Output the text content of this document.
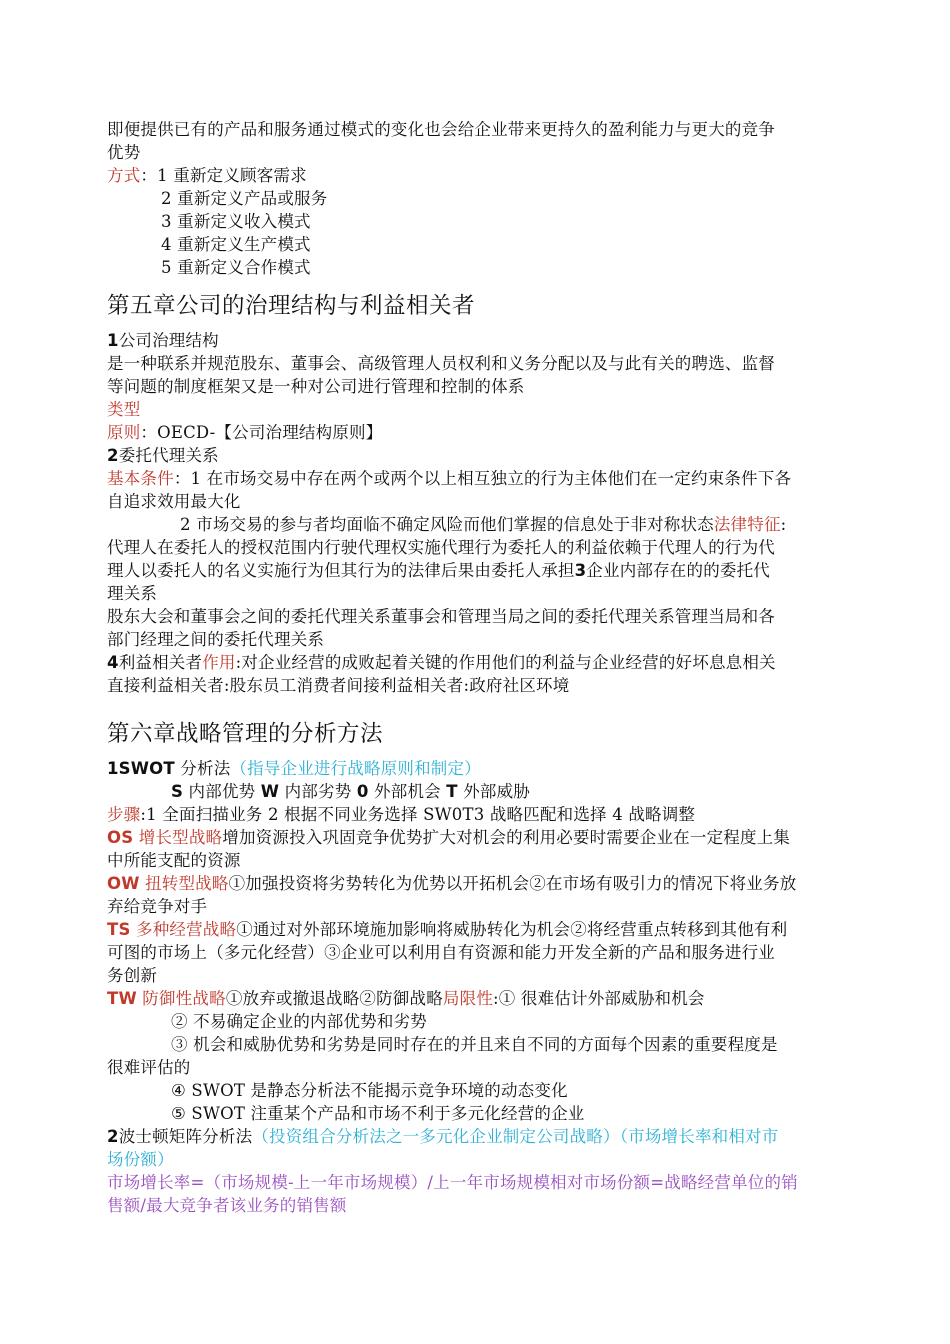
即便提供已有的产品和服务通过模式的变化也会给企业带来更持久的盈利能力与更大的竞争
优势
方式：1 重新定义顾客需求
2 重新定义产品或服务
3 重新定义收入模式
4 重新定义生产模式
5 重新定义合作模式
第五章公司的治理结构与利益相关者
1公司治理结构
是一种联系并规范股东、董事会、高级管理人员权利和义务分配以及与此有关的聘选、监督
等问题的制度框架又是一种对公司进行管理和控制的体系
类型
原则：OECD-【公司治理结构原则】
2委托代理关系
基本条件：1 在市场交易中存在两个或两个以上相互独立的行为主体他们在一定约束条件下各
自追求效用最大化
2 市场交易的参与者均面临不确定风险而他们掌握的信息处于非对称状态法律特征:
代理人在委托人的授权范围内行驶代理权实施代理行为委托人的利益依赖于代理人的行为代
理人以委托人的名义实施行为但其行为的法律后果由委托人承担3企业内部存在的的委托代
理关系
股东大会和董事会之间的委托代理关系董事会和管理当局之间的委托代理关系管理当局和各
部门经理之间的委托代理关系
4利益相关者作用:对企业经营的成败起着关键的作用他们的利益与企业经营的好坏息息相关
直接利益相关者:股东员工消费者间接利益相关者:政府社区环境
第六章战略管理的分析方法
1SWOT 分析法（指导企业进行战略原则和制定）
S 内部优势 W 内部劣势 0 外部机会 T 外部威胁
步骤:1 全面扫描业务 2 根据不同业务选择 SW0T3 战略匹配和选择 4 战略调整
OS 增长型战略增加资源投入巩固竞争优势扩大对机会的利用必要时需要企业在一定程度上集
中所能支配的资源
OW 扭转型战略①加强投资将劣势转化为优势以开拓机会②在市场有吸引力的情况下将业务放
弃给竞争对手
TS 多种经营战略①通过对外部环境施加影响将威胁转化为机会②将经营重点转移到其他有利
可图的市场上（多元化经营）③企业可以利用自有资源和能力开发全新的产品和服务进行业
务创新
TW 防御性战略①放弃或撤退战略②防御战略局限性:① 很难估计外部威胁和机会
② 不易确定企业的内部优势和劣势
③ 机会和威胁优势和劣势是同时存在的并且来自不同的方面每个因素的重要程度是
很难评估的
④ SWOT 是静态分析法不能揭示竞争环境的动态变化
⑤ SWOT 注重某个产品和市场不利于多元化经营的企业
2波士顿矩阵分析法（投资组合分析法之一多元化企业制定公司战略）（市场增长率和相对市
场份额）
市场增长率=（市场规模-上一年市场规模）/上一年市场规模相对市场份额=战略经营单位的销
售额/最大竞争者该业务的销售额
